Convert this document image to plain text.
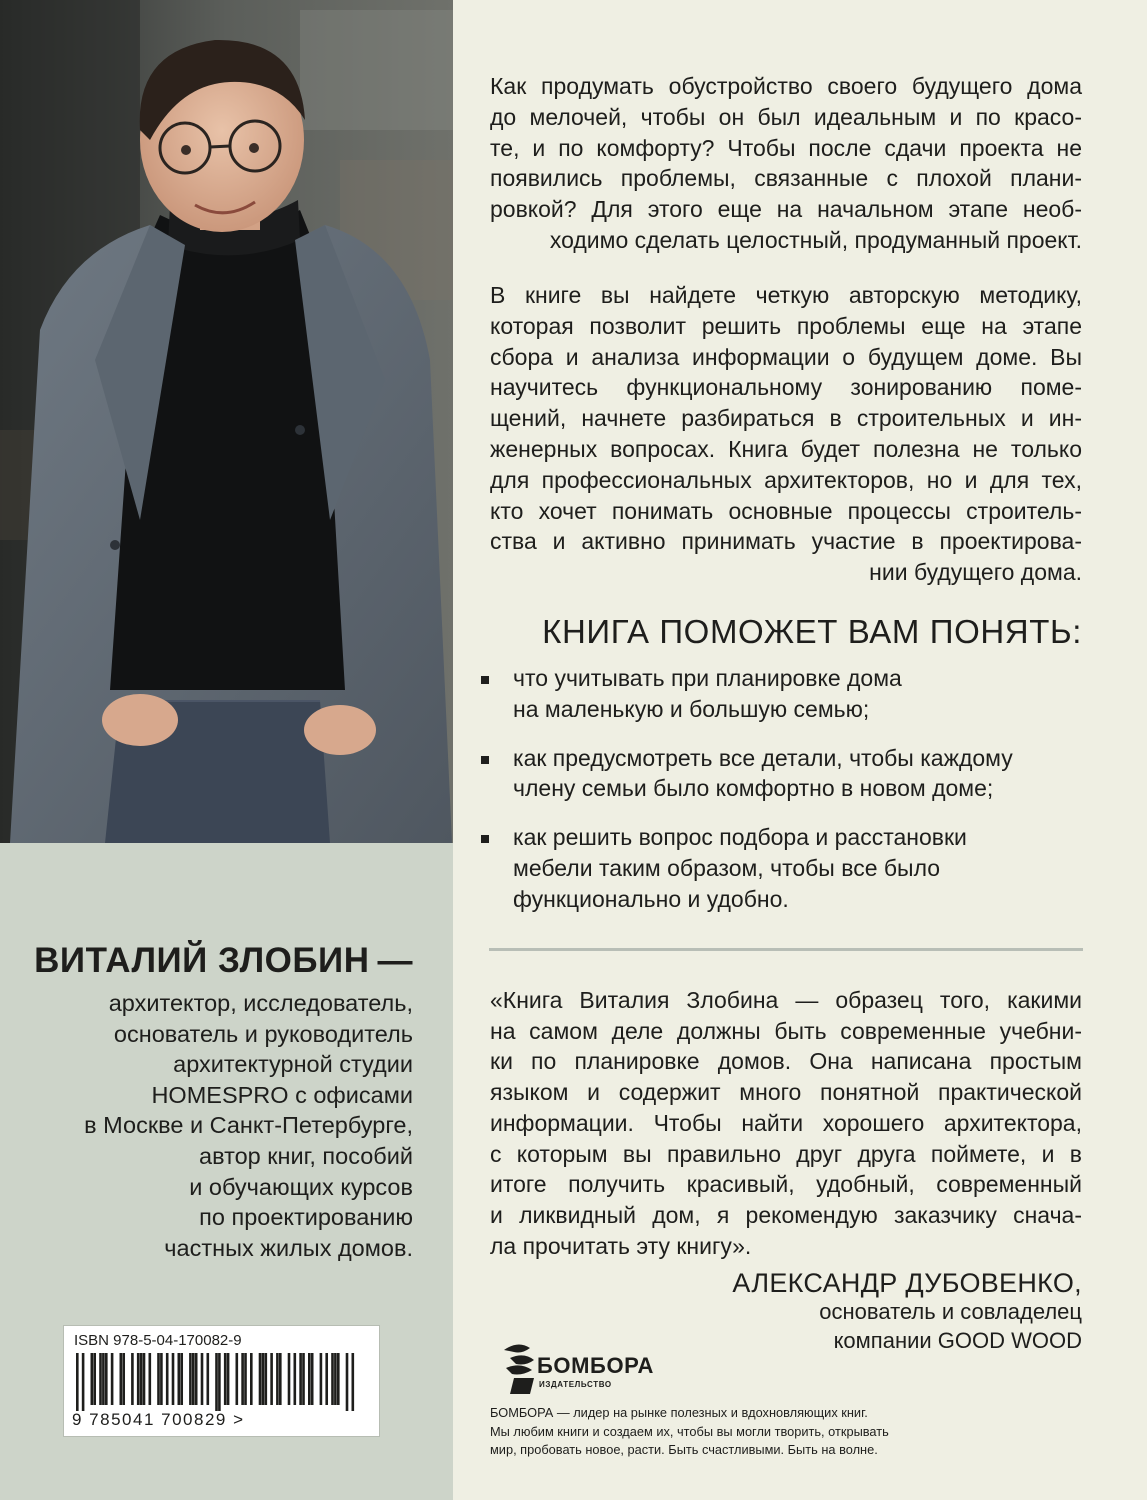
ВИТАЛИЙ ЗЛОБИН —
архитектор, исследователь,
основатель и руководитель
архитектурной студии
HOMESPRO с офисами
в Москве и Санкт-Петербурге,
автор книг, пособий
и обучающих курсов
по проектированию
частных жилых домов.
ISBN 978-5-04-170082-9
9 785041 700829 >
Как продумать обустройство своего будущего дома
до мелочей, чтобы он был идеальным и по красо-
те, и по комфорту? Чтобы после сдачи проекта не
появились проблемы, связанные с плохой плани-
ровкой? Для этого еще на начальном этапе необ-
ходимо сделать целостный, продуманный проект.
В книге вы найдете четкую авторскую методику,
которая позволит решить проблемы еще на этапе
сбора и анализа информации о будущем доме. Вы
научитесь функциональному зонированию поме-
щений, начнете разбираться в строительных и ин-
женерных вопросах. Книга будет полезна не только
для профессиональных архитекторов, но и для тех,
кто хочет понимать основные процессы строитель-
ства и активно принимать участие в проектирова-
нии будущего дома.
КНИГА ПОМОЖЕТ ВАМ ПОНЯТЬ:
что учитывать при планировке дома
на маленькую и большую семью;
как предусмотреть все детали, чтобы каждому
члену семьи было комфортно в новом доме;
как решить вопрос подбора и расстановки
мебели таким образом, чтобы все было
функционально и удобно.
«Книга Виталия Злобина — образец того, какими
на самом деле должны быть современные учебни-
ки по планировке домов. Она написана простым
языком и содержит много понятной практической
информации. Чтобы найти хорошего архитектора,
с которым вы правильно друг друга поймете, и в
итоге получить красивый, удобный, современный
и ликвидный дом, я рекомендую заказчику снача-
ла прочитать эту книгу».
АЛЕКСАНДР ДУБОВЕНКО,
основатель и совладелец
компании GOOD WOOD
БОМБОРА
ИЗДАТЕЛЬСТВО
БОМБОРА — лидер на рынке полезных и вдохновляющих книг.
Мы любим книги и создаем их, чтобы вы могли творить, открывать
мир, пробовать новое, расти. Быть счастливыми. Быть на волне.
